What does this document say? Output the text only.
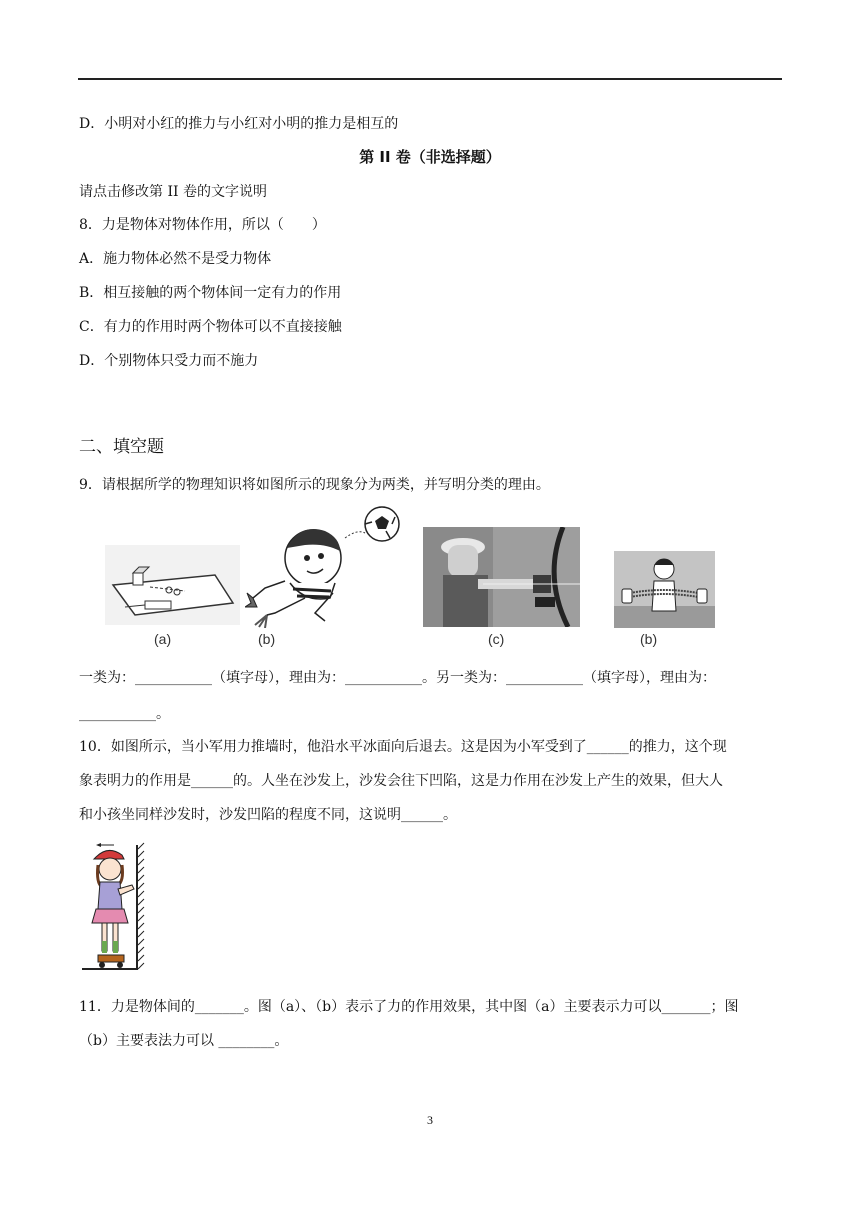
D．小明对小红的推力与小红对小明的推力是相互的
第 II 卷（非选择题）
请点击修改第 II 卷的文字说明
8．力是物体对物体作用，所以（　　）
A．施力物体必然不是受力物体
B．相互接触的两个物体间一定有力的作用
C．有力的作用时两个物体可以不直接接触
D．个别物体只受力而不施力
二、填空题
9．请根据所学的物理知识将如图所示的现象分为两类，并写明分类的理由。
(a)	(b)	(c)	(b)
一类为：___________（填字母），理由为：___________。另一类为：___________（填字母），理由为：
___________。
10．如图所示，当小军用力推墙时，他沿水平冰面向后退去。这是因为小军受到了______的推力，这个现
象表明力的作用是______的。人坐在沙发上，沙发会往下凹陷，这是力作用在沙发上产生的效果，但大人
和小孩坐同样沙发时，沙发凹陷的程度不同，这说明______。
11．力是物体间的_______。图（a）、（b）表示了力的作用效果，其中图（a）主要表示力可以_______；图
（b）主要表法力可以 ________。
3
